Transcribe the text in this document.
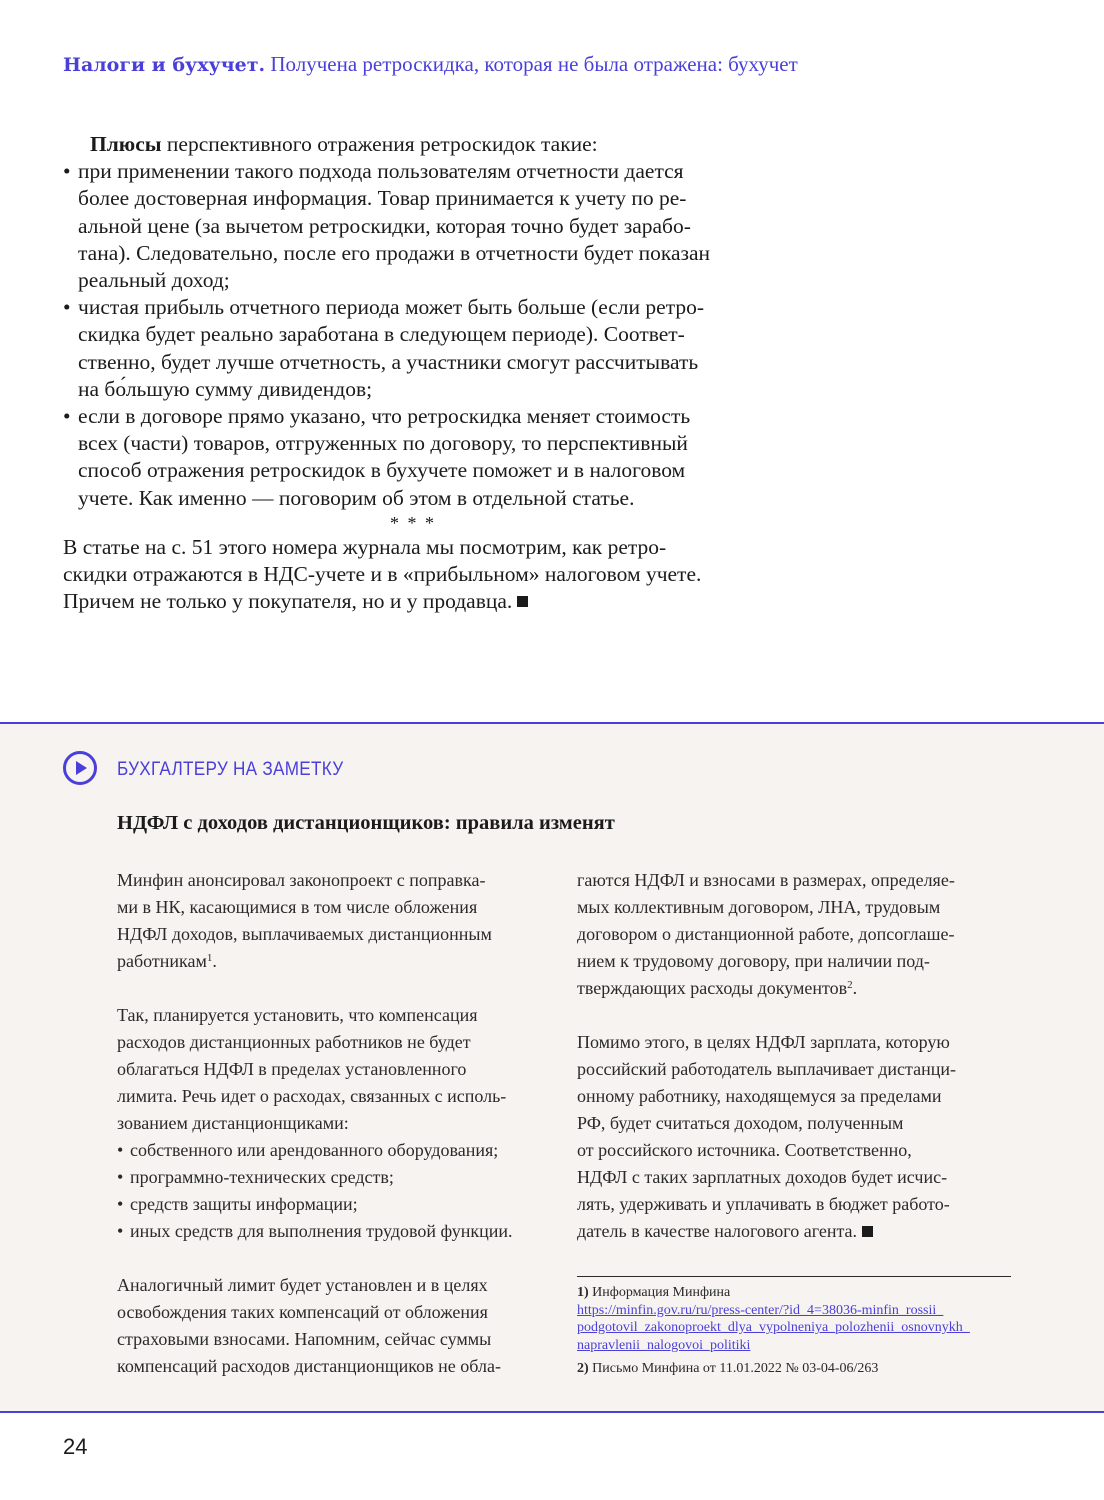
Налоги и бухучет. Получена ретроскидка, которая не была отражена: бухучет

Плюсы перспективного отражения ретроскидок такие:

• при применении такого подхода пользователям отчетности дается
более достоверная информация. Товар принимается к учету по ре-
альной цене (за вычетом ретроскидки, которая точно будет зарабо-
тана). Следовательно, после его продажи в отчетности будет показан
реальный доход;
• чистая прибыль отчетного периода может быть больше (если ретро-
скидка будет реально заработана в следующем периоде). Соответ-
ственно, будет лучше отчетность, а участники смогут рассчитывать
на бо́льшую сумму дивидендов;
• если в договоре прямо указано, что ретроскидка меняет стоимость
всех (части) товаров, отгруженных по договору, то перспективный
способ отражения ретроскидок в бухучете поможет и в налоговом
учете. Как именно — поговорим об этом в отдельной статье.

* * *

В статье на с. 51 этого номера журнала мы посмотрим, как ретро-
скидки отражаются в НДС-учете и в «прибыльном» налоговом учете.
Причем не только у покупателя, но и у продавца.

БУХГАЛТЕРУ НА ЗАМЕТКУ
НДФЛ с доходов дистанционщиков: правила изменят

Минфин анонсировал законопроект с поправка-
ми в НК, касающимися в том числе обложения
НДФЛ доходов, выплачиваемых дистанционным
работникам$^1$.

Так, планируется установить, что компенсация
расходов дистанционных работников не будет
облагаться НДФЛ в пределах установленного
лимита. Речь идет о расходах, связанных с исполь-
зованием дистанционщиками:

• собственного или арендованного оборудования;
• программно-технических средств;
• средств защиты информации;
• иных средств для выполнения трудовой функции.

Аналогичный лимит будет установлен и в целях
освобождения таких компенсаций от обложения
страховыми взносами. Напомним, сейчас суммы
компенсаций расходов дистанционщиков не обла-

гаются НДФЛ и взносами в размерах, определяе-
мых коллективным договором, ЛНА, трудовым
договором о дистанционной работе, допсоглаше-
нием к трудовому договору, при наличии под-
тверждающих расходы документов$^2$.

Помимо этого, в целях НДФЛ зарплата, которую
российский работодатель выплачивает дистанци-
онному работнику, находящемуся за пределами
РФ, будет считаться доходом, полученным
от российского источника. Соответственно,
НДФЛ с таких зарплатных доходов будет исчис-
лять, удерживать и уплачивать в бюджет работо-
датель в качестве налогового агента.

1) Информация Минфина

https://minfin.gov.ru/ru/press-center/?id_4=38036-minfin_rossii_
podgotovil_zakonoproekt_dlya_vypolneniya_polozhenii_osnovnykh_
napravlenii_nalogovoi_politiki

2) Письмо Минфина от 11.01.2022 № 03-04-06/263

24
